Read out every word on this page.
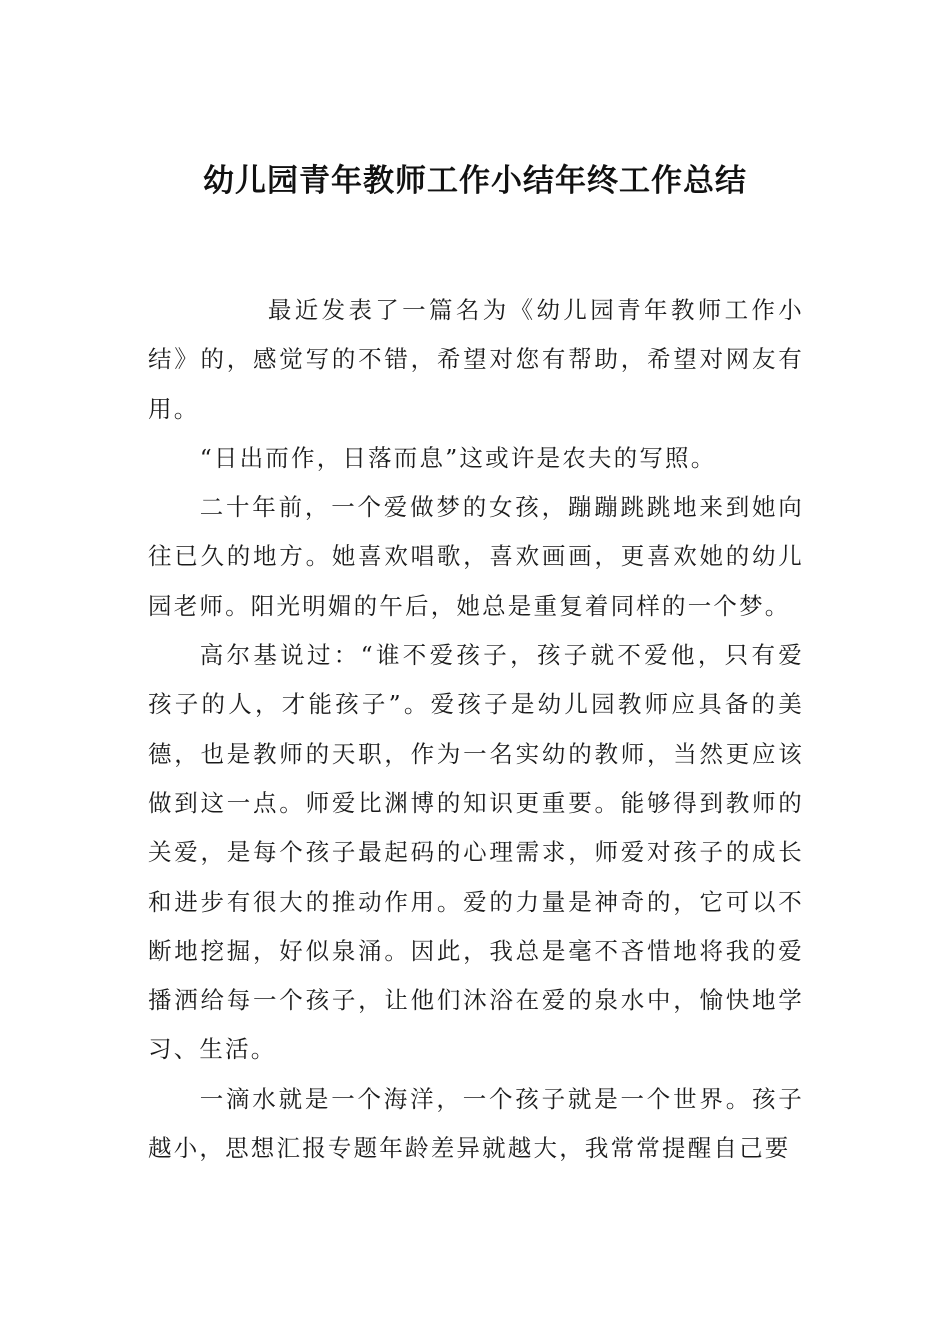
幼儿园青年教师工作小结年终工作总结

最近发表了一篇名为《幼儿园青年教师工作小结》的，感觉写的不错，希望对您有帮助，希望对网友有用。

“日出而作，日落而息”这或许是农夫的写照。

二十年前，一个爱做梦的女孩，蹦蹦跳跳地来到她向往已久的地方。她喜欢唱歌，喜欢画画，更喜欢她的幼儿园老师。阳光明媚的午后，她总是重复着同样的一个梦。

高尔基说过：“谁不爱孩子，孩子就不爱他，只有爱孩子的人，才能孩子”。爱孩子是幼儿园教师应具备的美德，也是教师的天职，作为一名实幼的教师，当然更应该做到这一点。师爱比渊博的知识更重要。能够得到教师的关爱，是每个孩子最起码的心理需求，师爱对孩子的成长和进步有很大的推动作用。爱的力量是神奇的，它可以不断地挖掘，好似泉涌。因此，我总是毫不吝惜地将我的爱播洒给每一个孩子，让他们沐浴在爱的泉水中，愉快地学习、生活。

一滴水就是一个海洋，一个孩子就是一个世界。孩子越小，思想汇报专题年龄差异就越大，我常常提醒自己要
